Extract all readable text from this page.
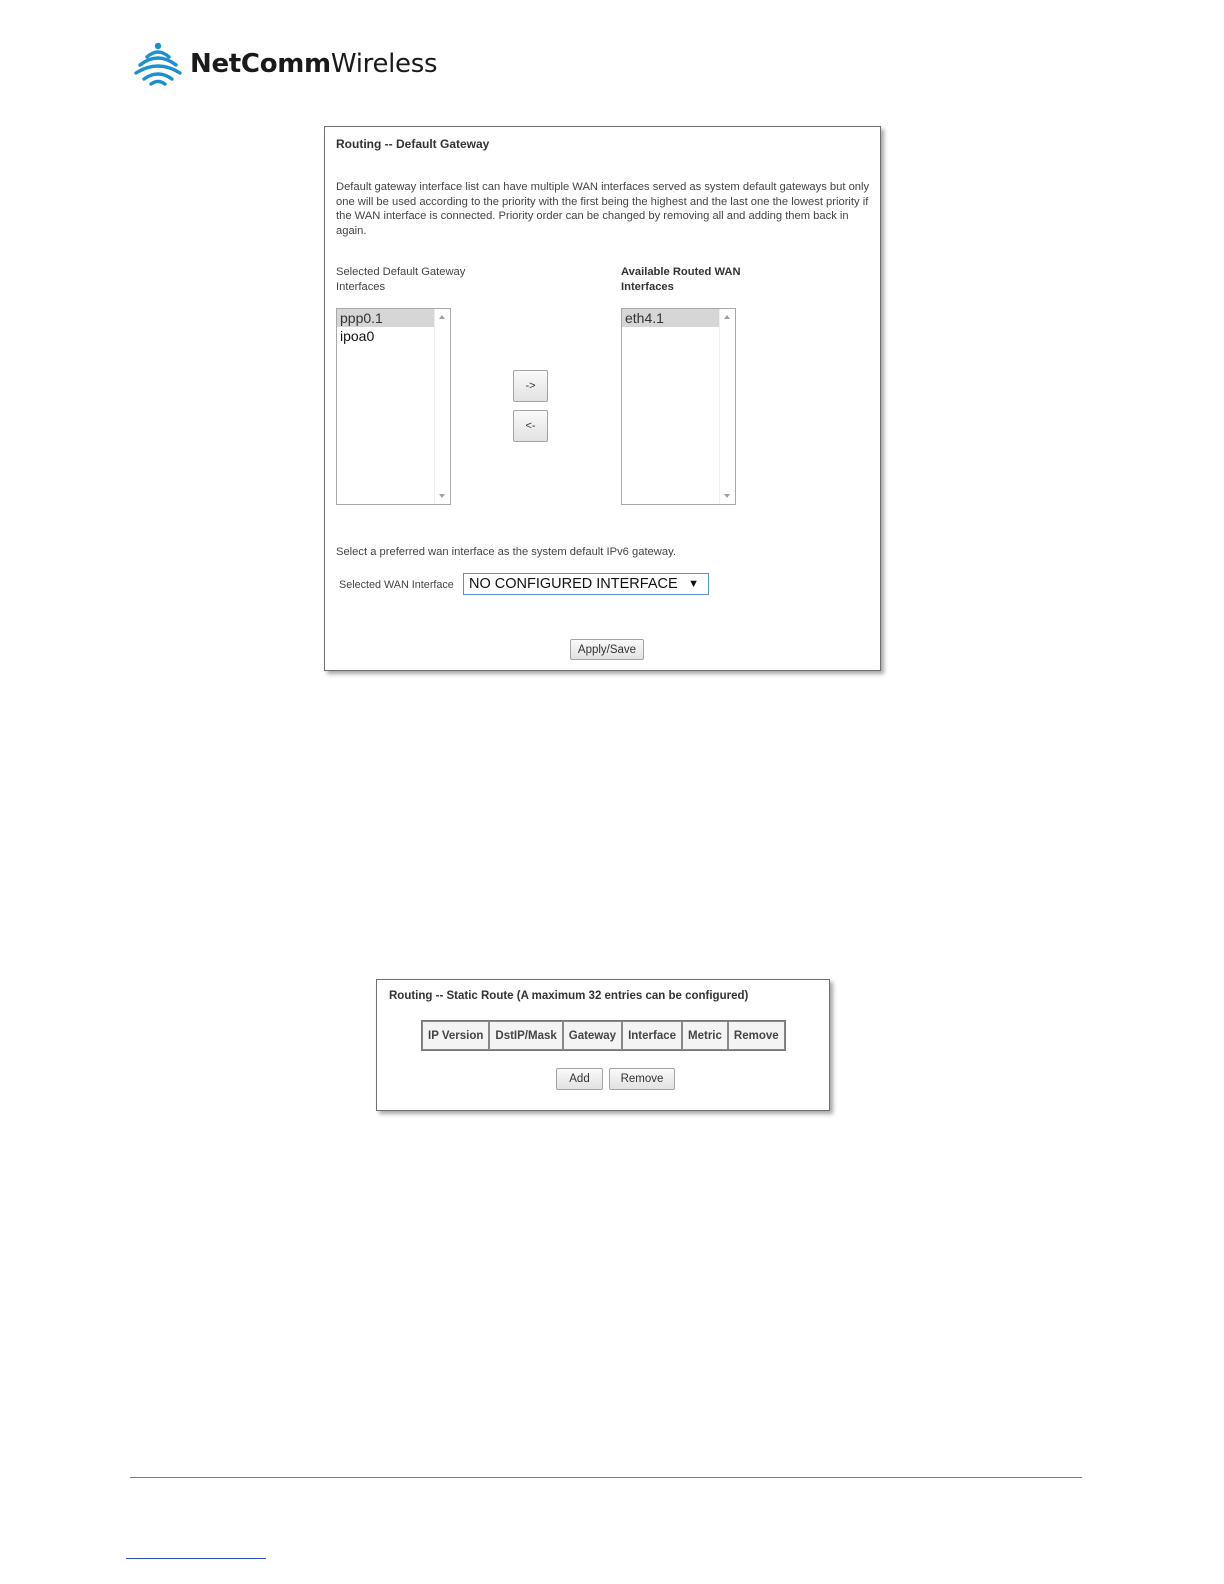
NetCommWireless
Routing -- Default Gateway
Default gateway interface list can have multiple WAN interfaces served as system default gateways but only one will be used according to the priority with the first being the highest and the last one the lowest priority if the WAN interface is connected. Priority order can be changed by removing all and adding them back in again.
Selected Default Gateway
Interfaces
Available Routed WAN
Interfaces
ppp0.1
ipoa0
->
<-
eth4.1
Select a preferred wan interface as the system default IPv6 gateway.
Selected WAN Interface	NO CONFIGURED INTERFACE ▼
Apply/Save
Routing -- Static Route (A maximum 32 entries can be configured)
IP Version	DstIP/Mask	Gateway	Interface	Metric	Remove
Add	Remove
